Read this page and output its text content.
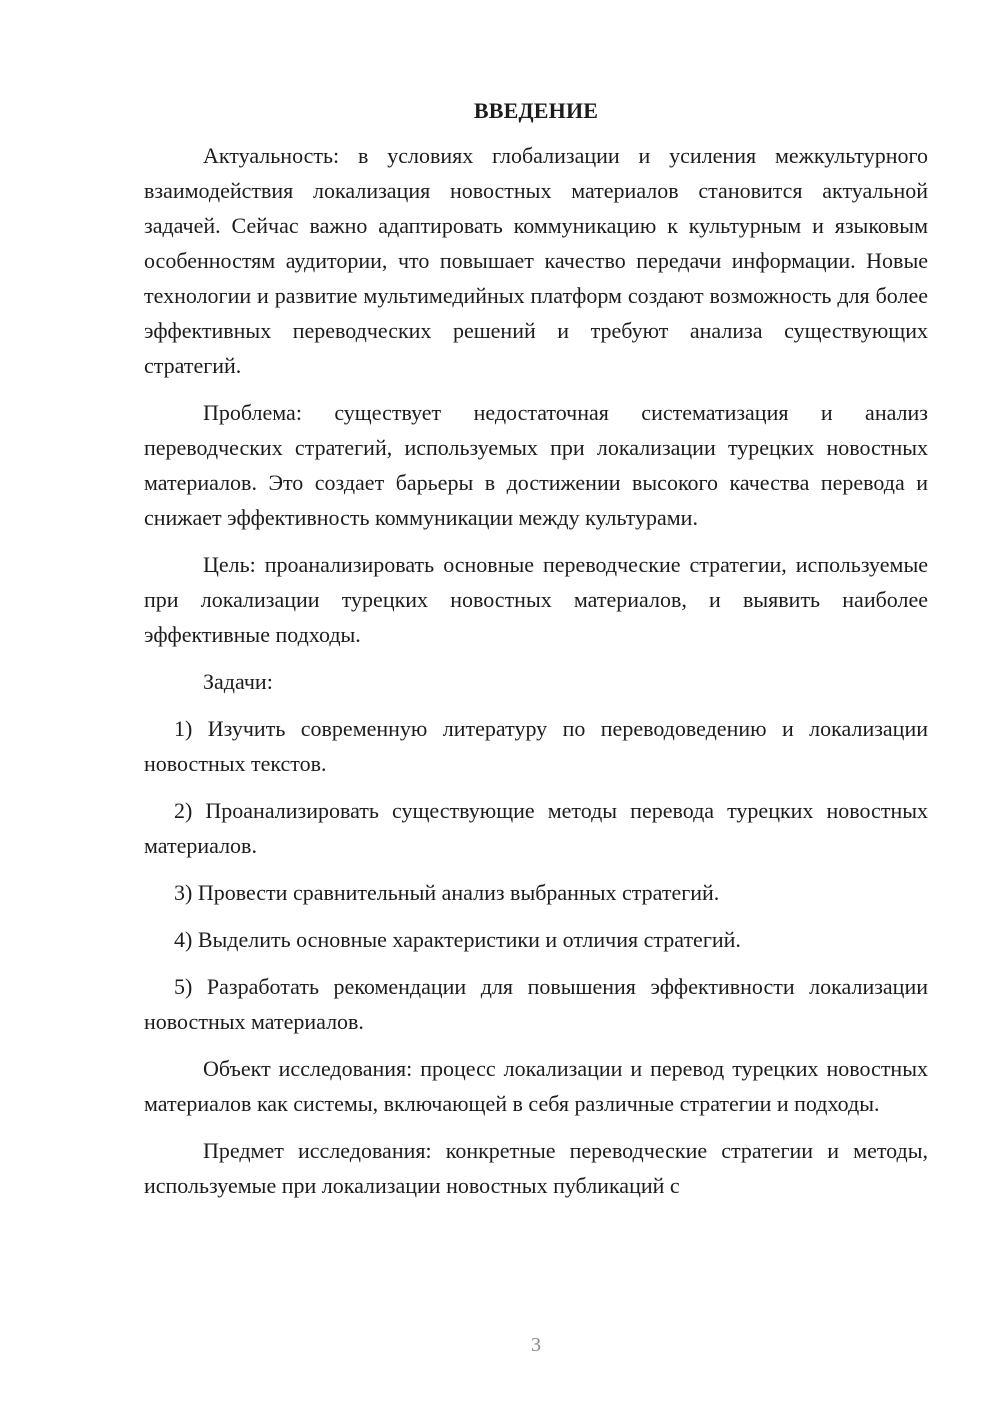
ВВЕДЕНИЕ

Актуальность: в условиях глобализации и усиления межкультурного взаимодействия локализация новостных материалов становится актуальной задачей. Сейчас важно адаптировать коммуникацию к культурным и языковым особенностям аудитории, что повышает качество передачи информации. Новые технологии и развитие мультимедийных платформ создают возможность для более эффективных переводческих решений и требуют анализа существующих стратегий.

Проблема: существует недостаточная систематизация и анализ переводческих стратегий, используемых при локализации турецких новостных материалов. Это создает барьеры в достижении высокого качества перевода и снижает эффективность коммуникации между культурами.

Цель: проанализировать основные переводческие стратегии, используемые при локализации турецких новостных материалов, и выявить наиболее эффективные подходы.

Задачи:

1) Изучить современную литературу по переводоведению и локализации новостных текстов.

2) Проанализировать существующие методы перевода турецких новостных материалов.

3) Провести сравнительный анализ выбранных стратегий.

4) Выделить основные характеристики и отличия стратегий.

5) Разработать рекомендации для повышения эффективности локализации новостных материалов.

Объект исследования: процесс локализации и перевод турецких новостных материалов как системы, включающей в себя различные стратегии и подходы.

Предмет исследования: конкретные переводческие стратегии и методы, используемые при локализации новостных публикаций с

3
